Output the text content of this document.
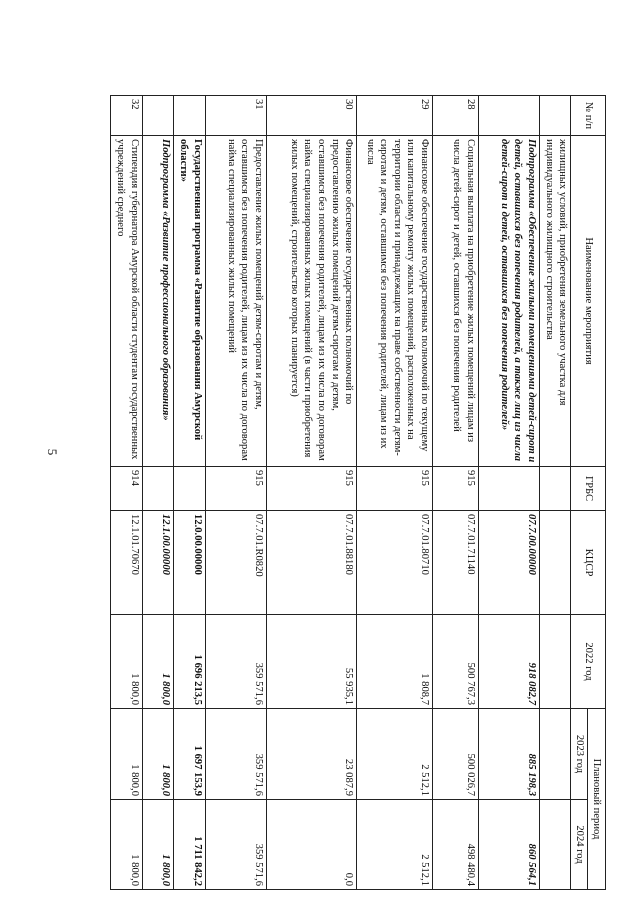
5
№ п/п	Наименование мероприятия	ГРБС	КЦСР	2022 год	Плановый период	
					2023 год	2024 год
	жилищных условий, приобретения земельного участка для индивидуального жилищного строительства					
	Подпрограмма «Обеспечение жилыми помещениями детей-сирот и детей, оставшихся без попечения родителей, а также лиц из числа детей-сирот и детей, оставшихся без попечения родителей»		07.7.00.00000	918 082,7	885 198,3	860 564,1
28	Социальная выплата на приобретение жилых помещений лицам из числа детей-сирот и детей, оставшихся без попечения родителей	915	07.7.01.71140	500 767,3	500 026,7	498 480,4
29	Финансовое обеспечение государственных полномочий по текущему или капитальному ремонту жилых помещений, расположенных на территории области и принадлежащих на праве собственности детям-сиротам и детям, оставшимся без попечения родителей, лицам из их числа	915	07.7.01.80710	1 808,7	2 512,1	2 512,1
30	Финансовое обеспечение государственных полномочий по предоставлению жилых помещений детям-сиротам и детям, оставшимся без попечения родителей, лицам из их числа по договорам найма специализированных жилых помещений (в части приобретения жилых помещений, строительство которых планируется)	915	07.7.01.88180	55 935,1	23 087,9	0,0
31	Предоставление жилых помещений детям-сиротам и детям, оставшимся без попечения родителей, лицам из их числа по договорам найма специализированных жилых помещений	915	07.7.01.R0820	359 571,6	359 571,6	359 571,6
	Государственная программа «Развитие образования Амурской области»		12.0.00.00000	1 696 213,5	1 697 153,9	1 711 842,2
	Подпрограмма «Развитие профессионального образования»		12.1.00.00000	1 800,0	1 800,0	1 800,0
32	Стипендия губернатора Амурской области студентам государственных учреждений среднего	914	12.1.01.70670	1 800,0	1 800,0	1 800,0
